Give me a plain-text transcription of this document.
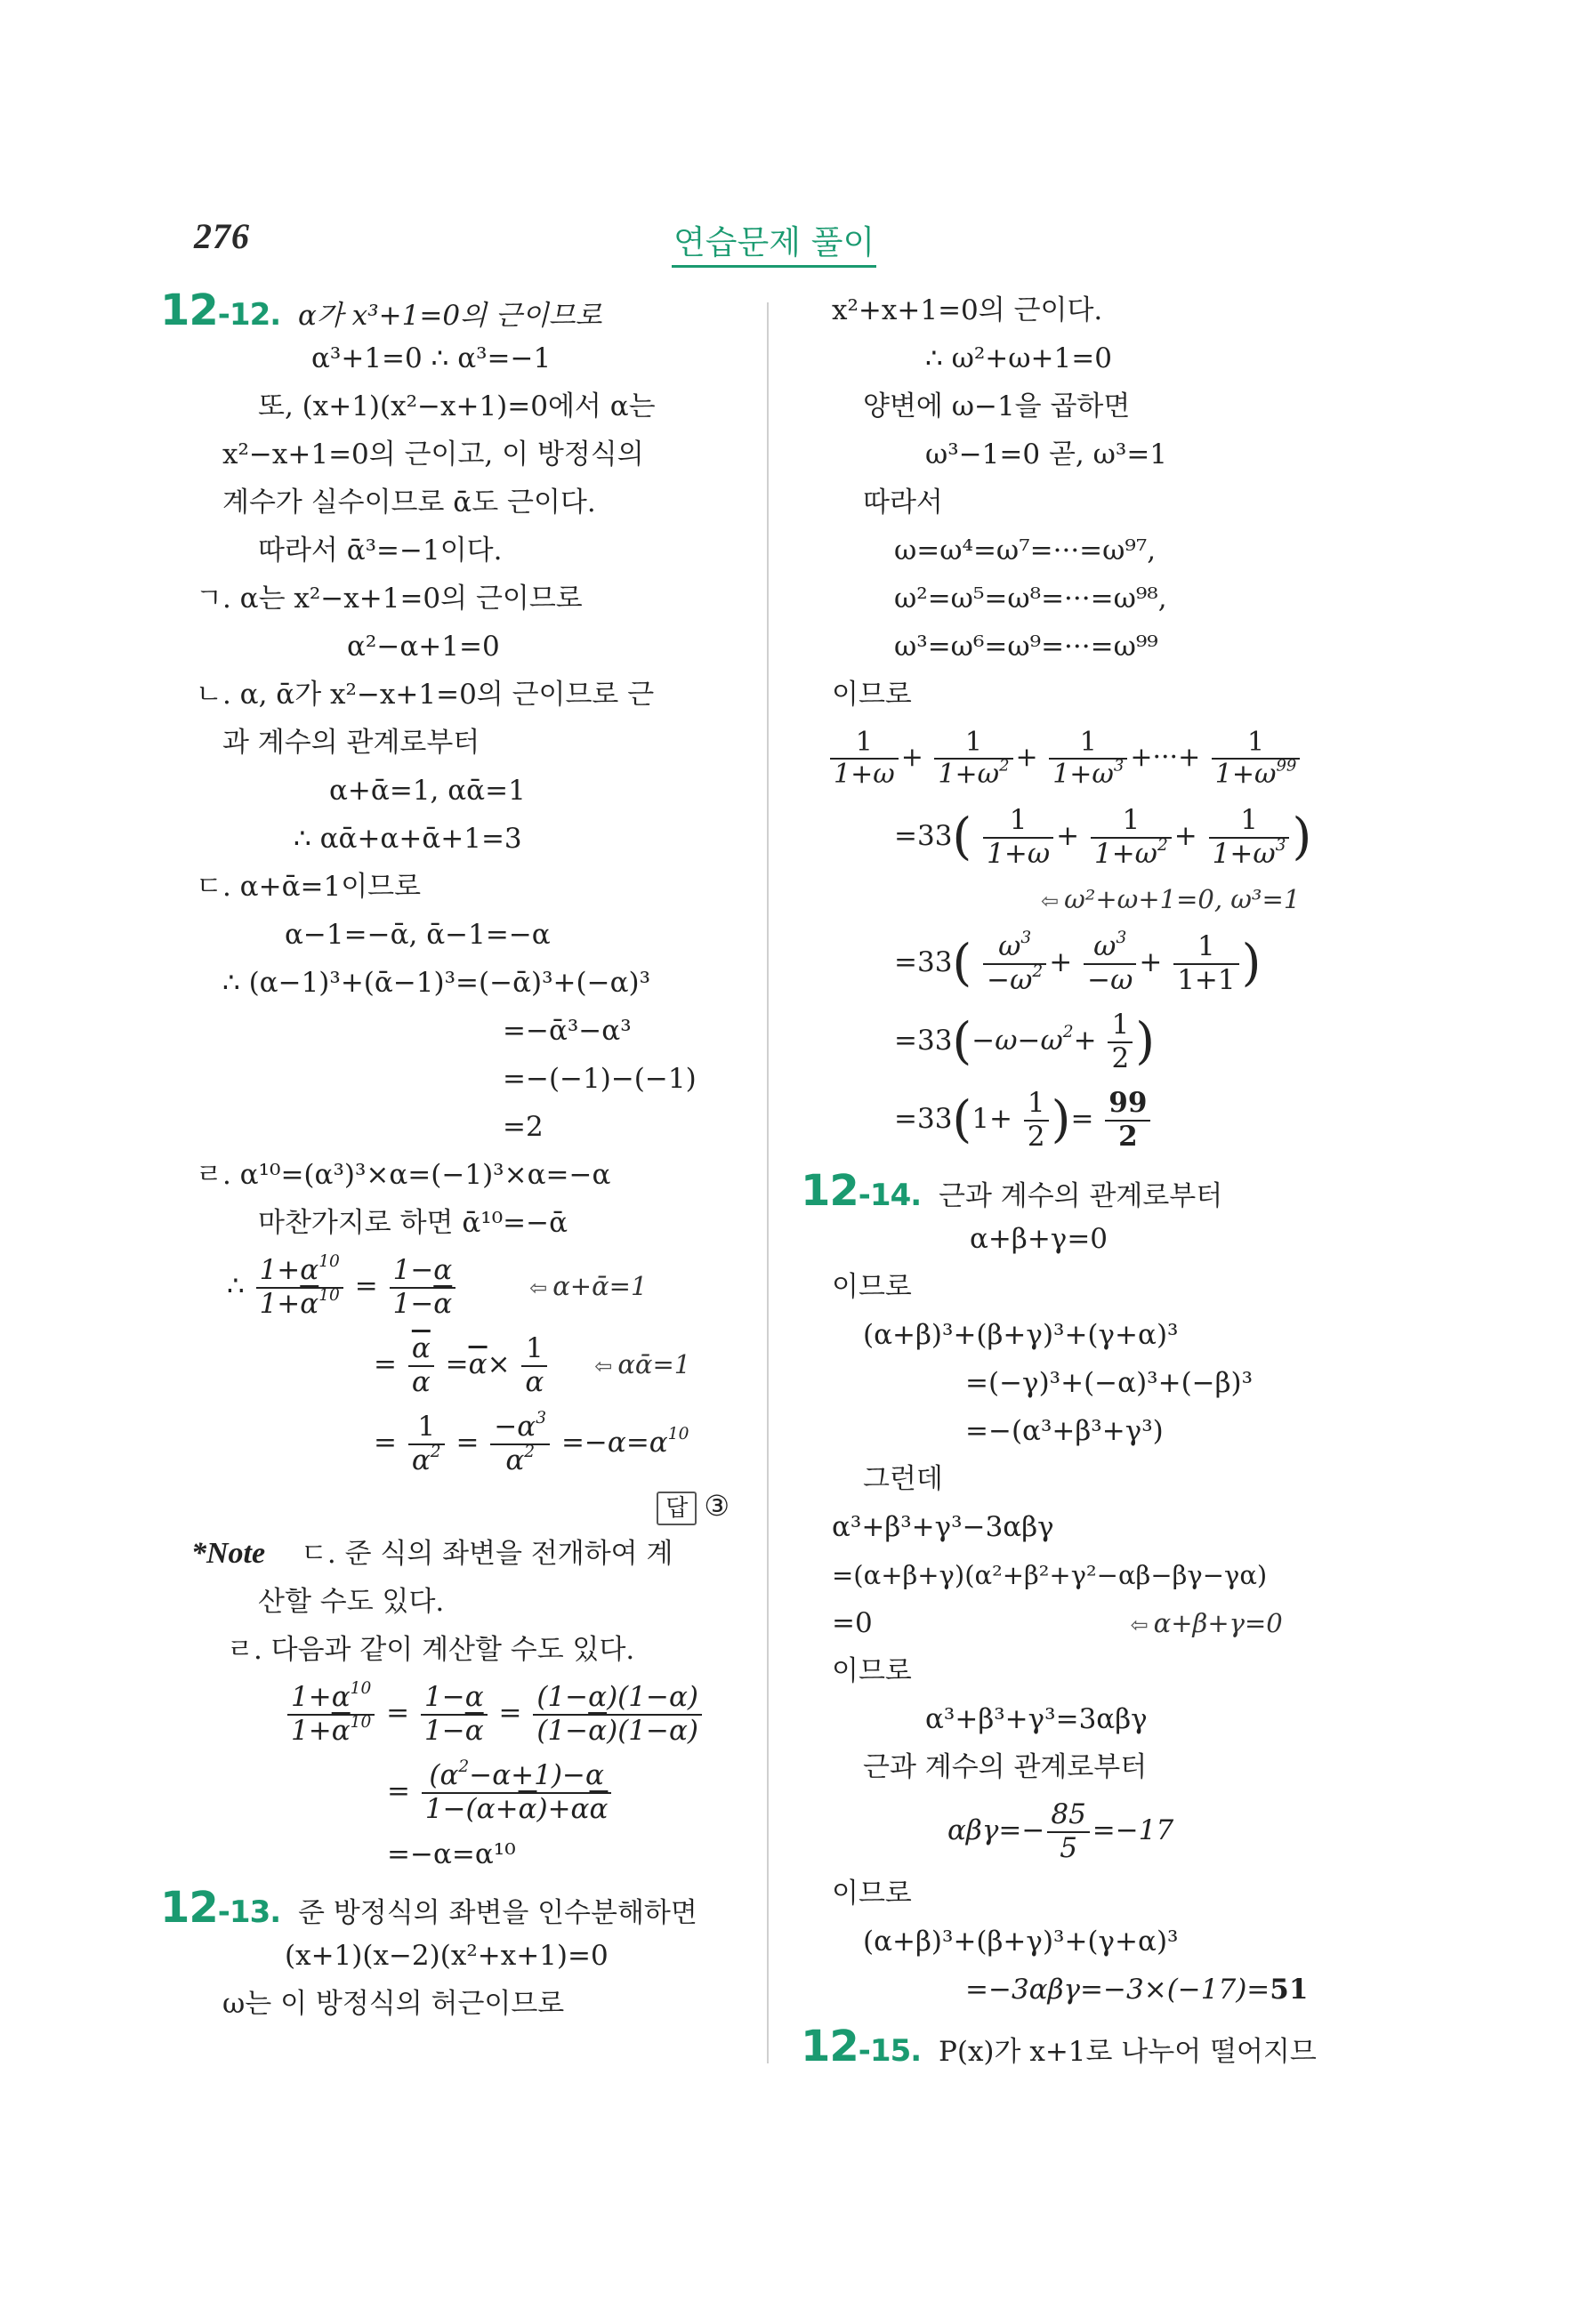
276	연습문제 풀이
12-12. α가 x³+1=0의 근이므로
α³+1=0 ∴ α³=−1
또, (x+1)(x²−x+1)=0에서 α는
x²−x+1=0의 근이고, 이 방정식의
계수가 실수이므로 ᾱ도 근이다.
따라서 ᾱ³=−1이다.
ㄱ. α는 x²−x+1=0의 근이므로
α²−α+1=0
ㄴ. α, ᾱ가 x²−x+1=0의 근이므로 근
과 계수의 관계로부터
α+ᾱ=1, αᾱ=1
∴ αᾱ+α+ᾱ+1=3
ㄷ. α+ᾱ=1이므로
α−1=−ᾱ, ᾱ−1=−α
∴ (α−1)³+(ᾱ−1)³=(−ᾱ)³+(−α)³
=−ᾱ³−α³
=−(−1)−(−1)
=2
ㄹ. α¹⁰=(α³)³×α=(−1)³×α=−α
마찬가지로 하면 ᾱ¹⁰=−ᾱ
∴ $\frac{1+\alpha^{10}}{1+\overline{\alpha}^{10}} = \frac{1-\alpha}{1-\overline{\alpha}}$	⇦ α+ᾱ=1
= $\frac{\overline{\alpha}}{\alpha} =\overline{\alpha}\times \frac{1}{\alpha}$ ⇦ αᾱ=1
= $\frac{1}{\alpha^2} = \frac{-\alpha^3}{\alpha^2} =-\alpha=\alpha^{10}$
답 ③
*Note ㄷ. 준 식의 좌변을 전개하여 계
산할 수도 있다.
ㄹ. 다음과 같이 계산할 수도 있다.
$\frac{1+\alpha^{10}}{1+\overline{\alpha}^{10}} = \frac{1-\alpha}{1-\overline{\alpha}} = \frac{(1-\alpha)(1-\alpha)}{(1-\overline{\alpha})(1-\alpha)}$
= $\frac{(\alpha^2-\alpha+1)-\alpha}{1-(\alpha+\overline{\alpha})+\alpha\overline{\alpha}}$
=−α=α¹⁰
12-13. 준 방정식의 좌변을 인수분해하면
(x+1)(x−2)(x²+x+1)=0
ω는 이 방정식의 허근이므로
x²+x+1=0의 근이다.
∴ ω²+ω+1=0
양변에 ω−1을 곱하면
ω³−1=0 곧, ω³=1
따라서
ω=ω⁴=ω⁷=···=ω⁹⁷,
ω²=ω⁵=ω⁸=···=ω⁹⁸,
ω³=ω⁶=ω⁹=···=ω⁹⁹
이므로
$\frac{1}{1+\omega} + \frac{1}{1+\omega^2} + \frac{1}{1+\omega^3}$ +···+ $\frac{1}{1+\omega^{99}}$
$=33( \frac{1}{1+\omega} + \frac{1}{1+\omega^2} + \frac{1}{1+\omega^3}$ )
⇦ ω²+ω+1=0, ω³=1
$=33( \frac{\omega^3}{-\omega^2} + \frac{\omega^3}{-\omega} + \frac{1}{1+1}$ )
$=33(-\omega-\omega^2+ \frac{1}{2}$ )
$=33(1+ \frac{1}{2}$ )= $\frac{99}{2}$
12-14. 근과 계수의 관계로부터
α+β+γ=0
이므로
(α+β)³+(β+γ)³+(γ+α)³
=(−γ)³+(−α)³+(−β)³
=−(α³+β³+γ³)
그런데
α³+β³+γ³−3αβγ
=(α+β+γ)(α²+β²+γ²−αβ−βγ−γα)
=0	⇦ α+β+γ=0
이므로
α³+β³+γ³=3αβγ
근과 계수의 관계로부터
$\alpha\beta\gamma=- \frac{85}{5} =-17$
이므로
(α+β)³+(β+γ)³+(γ+α)³
=−3αβγ=−3×(−17)=51
12-15. P(x)가 x+1로 나누어 떨어지므
